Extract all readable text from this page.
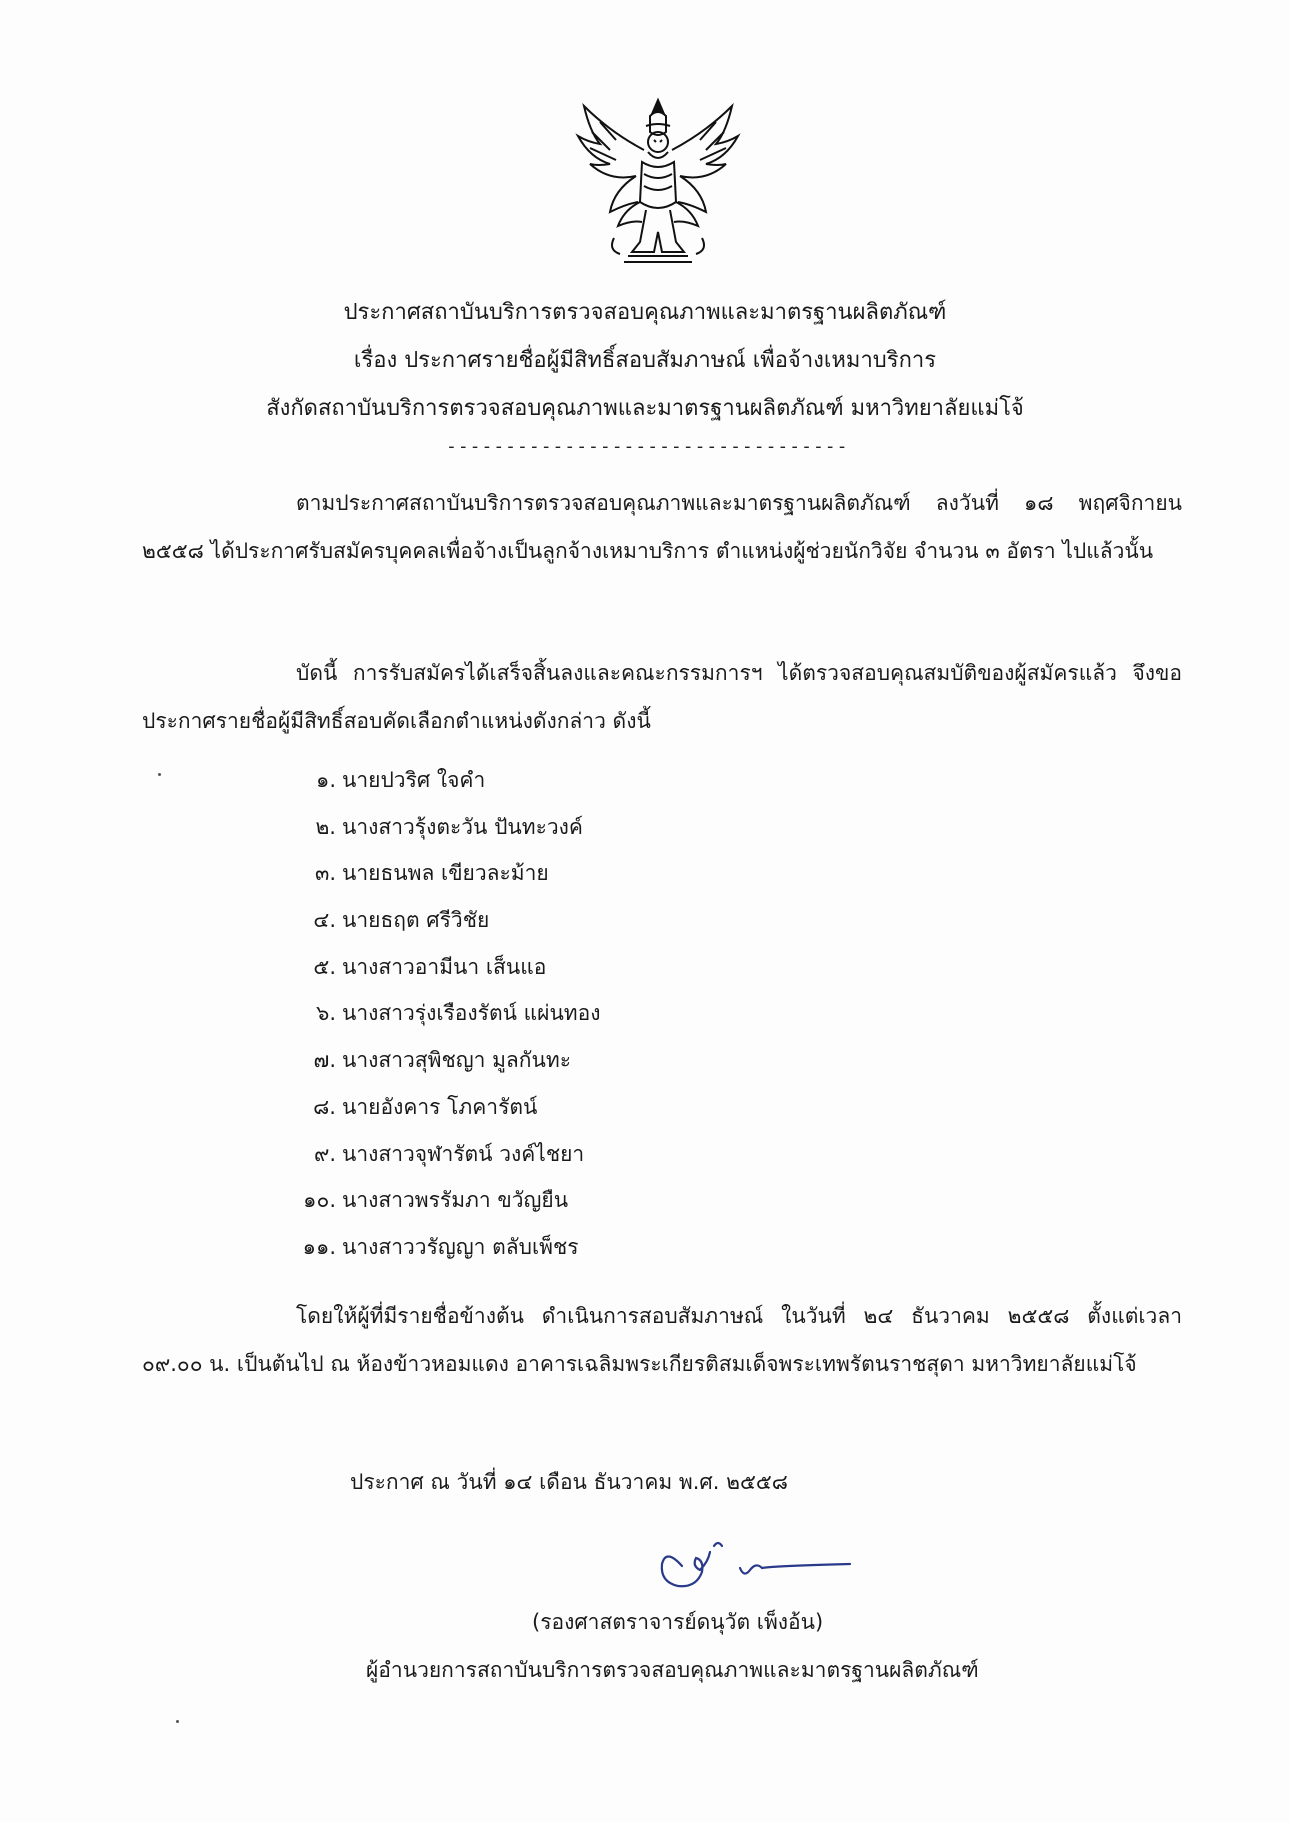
ประกาศสถาบันบริการตรวจสอบคุณภาพและมาตรฐานผลิตภัณฑ์
เรื่อง ประกาศรายชื่อผู้มีสิทธิ์สอบสัมภาษณ์ เพื่อจ้างเหมาบริการ
สังกัดสถาบันบริการตรวจสอบคุณภาพและมาตรฐานผลิตภัณฑ์ มหาวิทยาลัยแม่โจ้
----------------------------------
ตามประกาศสถาบันบริการตรวจสอบคุณภาพและมาตรฐานผลิตภัณฑ์ ลงวันที่ ๑๘ พฤศจิกายน ๒๕๕๘ ได้ประกาศรับสมัครบุคคลเพื่อจ้างเป็นลูกจ้างเหมาบริการ ตำแหน่งผู้ช่วยนักวิจัย จำนวน ๓ อัตรา ไปแล้วนั้น
บัดนี้ การรับสมัครได้เสร็จสิ้นลงและคณะกรรมการฯ ได้ตรวจสอบคุณสมบัติของผู้สมัครแล้ว จึงขอประกาศรายชื่อผู้มีสิทธิ์สอบคัดเลือกตำแหน่งดังกล่าว ดังนี้
๑. นายปวริศ ใจคำ
๒. นางสาวรุ้งตะวัน ปันทะวงค์
๓. นายธนพล เขียวละม้าย
๔. นายธฤต ศรีวิชัย
๕. นางสาวอามีนา เส็นแอ
๖. นางสาวรุ่งเรืองรัตน์ แผ่นทอง
๗. นางสาวสุพิชญา มูลกันทะ
๘. นายอังคาร โภคารัตน์
๙. นางสาวจุฬารัตน์ วงค์ไชยา
๑๐. นางสาวพรรัมภา ขวัญยืน
๑๑. นางสาววรัญญา ตลับเพ็ชร
โดยให้ผู้ที่มีรายชื่อข้างต้น ดำเนินการสอบสัมภาษณ์ ในวันที่ ๒๔ ธันวาคม ๒๕๕๘ ตั้งแต่เวลา ๐๙.๐๐ น. เป็นต้นไป ณ ห้องข้าวหอมแดง อาคารเฉลิมพระเกียรติสมเด็จพระเทพรัตนราชสุดา มหาวิทยาลัยแม่โจ้
ประกาศ ณ วันที่ ๑๔ เดือน ธันวาคม พ.ศ. ๒๕๕๘
(รองศาสตราจารย์ดนุวัต เพ็งอ้น)
ผู้อำนวยการสถาบันบริการตรวจสอบคุณภาพและมาตรฐานผลิตภัณฑ์
